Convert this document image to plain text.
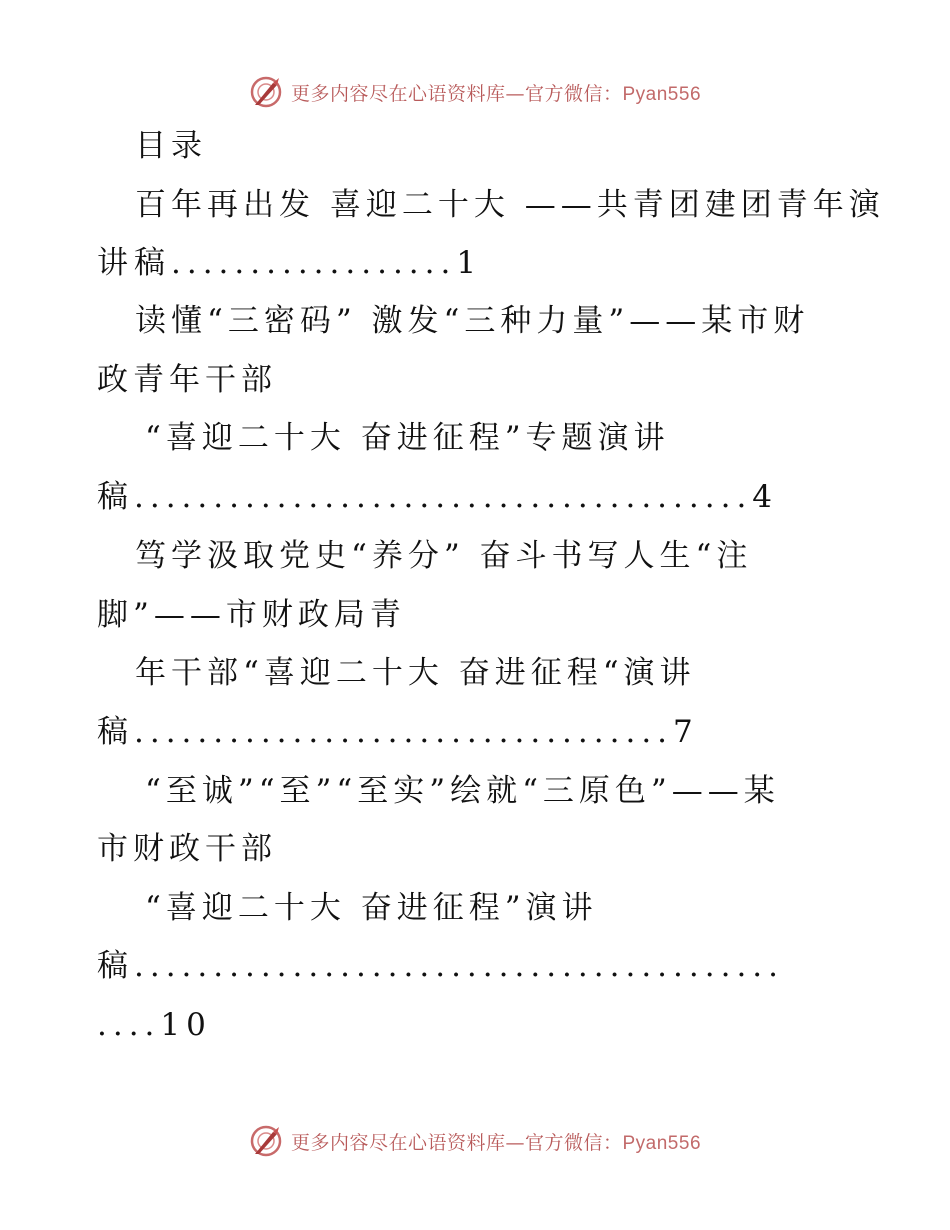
更多内容尽在心语资料库—官方微信：Pyan556
目录
百年再出发 喜迎二十大 ——共青团建团青年演
讲稿..................1
读懂“三密码” 激发“三种力量”——某市财
政青年干部
“喜迎二十大 奋进征程”专题演讲
稿.......................................4
笃学汲取党史“养分” 奋斗书写人生“注
脚”——市财政局青
年干部“喜迎二十大 奋进征程“演讲
稿..................................7
“至诚”“至”“至实”绘就“三原色”——某
市财政干部
“喜迎二十大 奋进征程”演讲
稿.........................................
....10
更多内容尽在心语资料库—官方微信：Pyan556
